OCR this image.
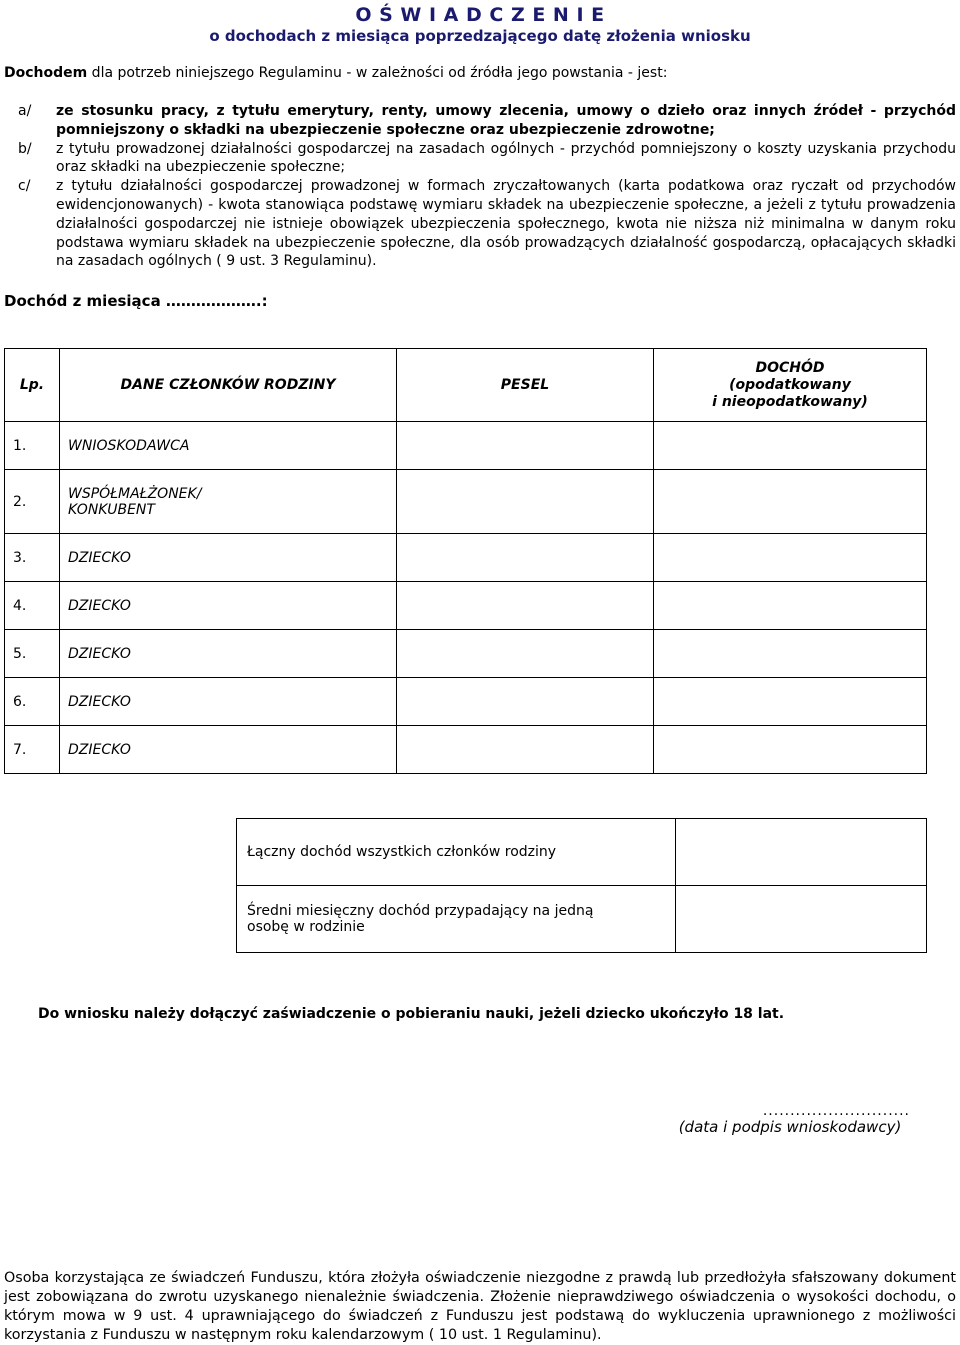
O Ś W I A D C Z E N I E
o dochodach z miesiąca poprzedzającego datę złożenia wniosku
Dochodem dla potrzeb niniejszego Regulaminu - w zależności od źródła jego powstania - jest:
a/	ze stosunku pracy, z tytułu emerytury, renty, umowy zlecenia, umowy o dzieło oraz innych źródeł - przychód pomniejszony o składki na ubezpieczenie społeczne oraz ubezpieczenie zdrowotne;
b/	z tytułu prowadzonej działalności gospodarczej na zasadach ogólnych - przychód pomniejszony o koszty uzyskania przychodu oraz składki na ubezpieczenie społeczne;
c/	z tytułu działalności gospodarczej prowadzonej w formach zryczałtowanych (karta podatkowa oraz ryczałt od przychodów ewidencjonowanych) - kwota stanowiąca podstawę wymiaru składek na ubezpieczenie społeczne, a jeżeli z tytułu prowadzenia działalności gospodarczej nie istnieje obowiązek ubezpieczenia społecznego, kwota nie niższa niż minimalna w danym roku podstawa wymiaru składek na ubezpieczenie społeczne, dla osób prowadzących działalność gospodarczą, opłacających składki na zasadach ogólnych ( 9 ust. 3 Regulaminu).
Dochód z miesiąca ……………….:
Lp.	DANE CZŁONKÓW RODZINY	PESEL	DOCHÓD
(opodatkowany
i nieopodatkowany)

1.	WNIOSKODAWCA		
2.	WSPÓŁMAŁŻONEK/ KONKUBENT		

3.	DZIECKO		
4.	DZIECKO		
5.	DZIECKO		
6.	DZIECKO		
7.	DZIECKO		
Łączny dochód wszystkich członków rodziny	

Średni miesięczny dochód przypadający na jedną osobę w rodzinie	

Do wniosku należy dołączyć zaświadczenie o pobieraniu nauki, jeżeli dziecko ukończyło 18 lat.
...........................
(data i podpis wnioskodawcy)
Osoba korzystająca ze świadczeń Funduszu, która złożyła oświadczenie niezgodne z prawdą lub przedłożyła sfałszowany dokument jest zobowiązana do zwrotu uzyskanego nienależnie świadczenia. Złożenie nieprawdziwego oświadczenia o wysokości dochodu, o którym mowa w 9 ust. 4 uprawniającego do świadczeń z Funduszu jest podstawą do wykluczenia uprawnionego z możliwości korzystania z Funduszu w następnym roku kalendarzowym ( 10 ust. 1 Regulaminu).
